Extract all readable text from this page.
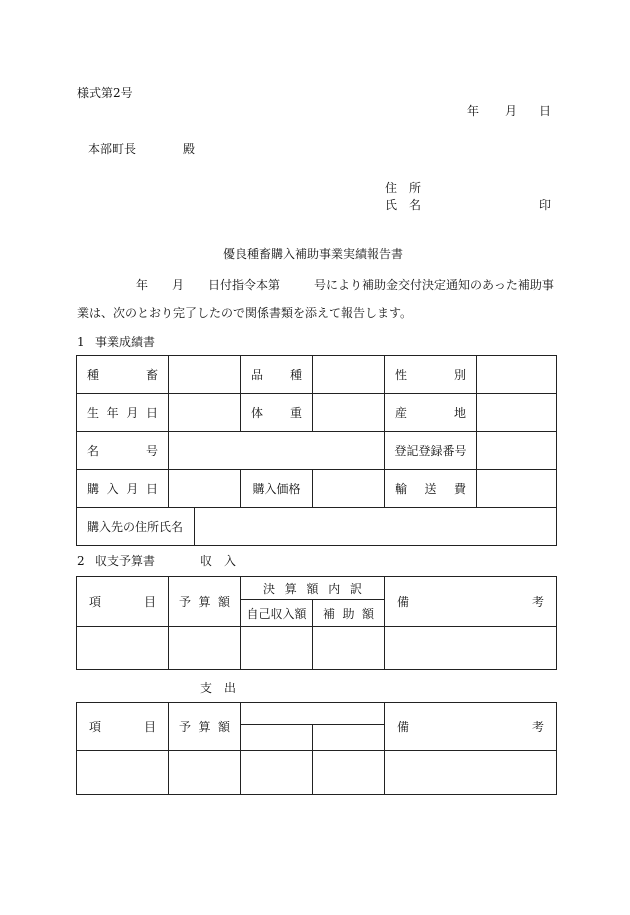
様式第2号
年 月 日
本部町長	殿
住 所
氏 名	印
優良種畜購入補助事業実績報告書
年 月 日付指令本第	号により補助金交付決定通知のあった補助事
業は、次のとおり完了したので関係書類を添えて報告します。
1 事業成績書
種 畜		品 種		性 別	

生 年 月 日		体 重		産 地	

名 号				登記登録番号	

購 入 月 日		購入価格		輸 送 費	

購入先の住所氏名

2 収支予算書	収 入
項 目	予 算 額	決 算 額 内 訳		備 考

		自己収入額	補 助 額	

支 出
項 目	予 算 額			備 考
